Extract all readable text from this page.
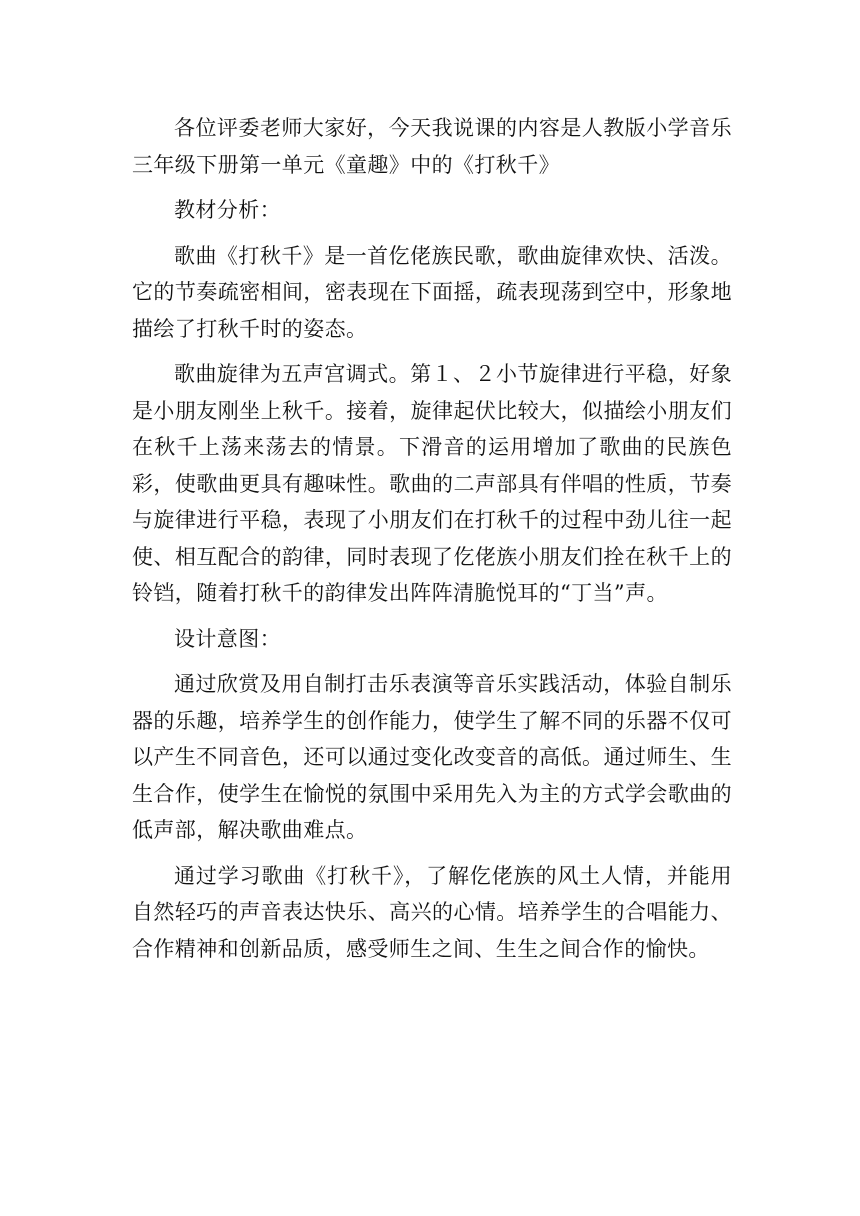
各位评委老师大家好，今天我说课的内容是人教版小学音乐三年级下册第一单元《童趣》中的《打秋千》

教材分析：

歌曲《打秋千》是一首仡佬族民歌，歌曲旋律欢快、活泼。它的节奏疏密相间，密表现在下面摇，疏表现荡到空中，形象地描绘了打秋千时的姿态。

歌曲旋律为五声宫调式。第１、２小节旋律进行平稳，好象是小朋友刚坐上秋千。接着，旋律起伏比较大，似描绘小朋友们在秋千上荡来荡去的情景。下滑音的运用增加了歌曲的民族色彩，使歌曲更具有趣味性。歌曲的二声部具有伴唱的性质，节奏与旋律进行平稳，表现了小朋友们在打秋千的过程中劲儿往一起使、相互配合的韵律，同时表现了仡佬族小朋友们拴在秋千上的铃铛，随着打秋千的韵律发出阵阵清脆悦耳的“丁当”声。

设计意图：

通过欣赏及用自制打击乐表演等音乐实践活动，体验自制乐器的乐趣，培养学生的创作能力，使学生了解不同的乐器不仅可以产生不同音色，还可以通过变化改变音的高低。通过师生、生生合作，使学生在愉悦的氛围中采用先入为主的方式学会歌曲的低声部，解决歌曲难点。

通过学习歌曲《打秋千》，了解仡佬族的风土人情，并能用自然轻巧的声音表达快乐、高兴的心情。培养学生的合唱能力、合作精神和创新品质，感受师生之间、生生之间合作的愉快。
